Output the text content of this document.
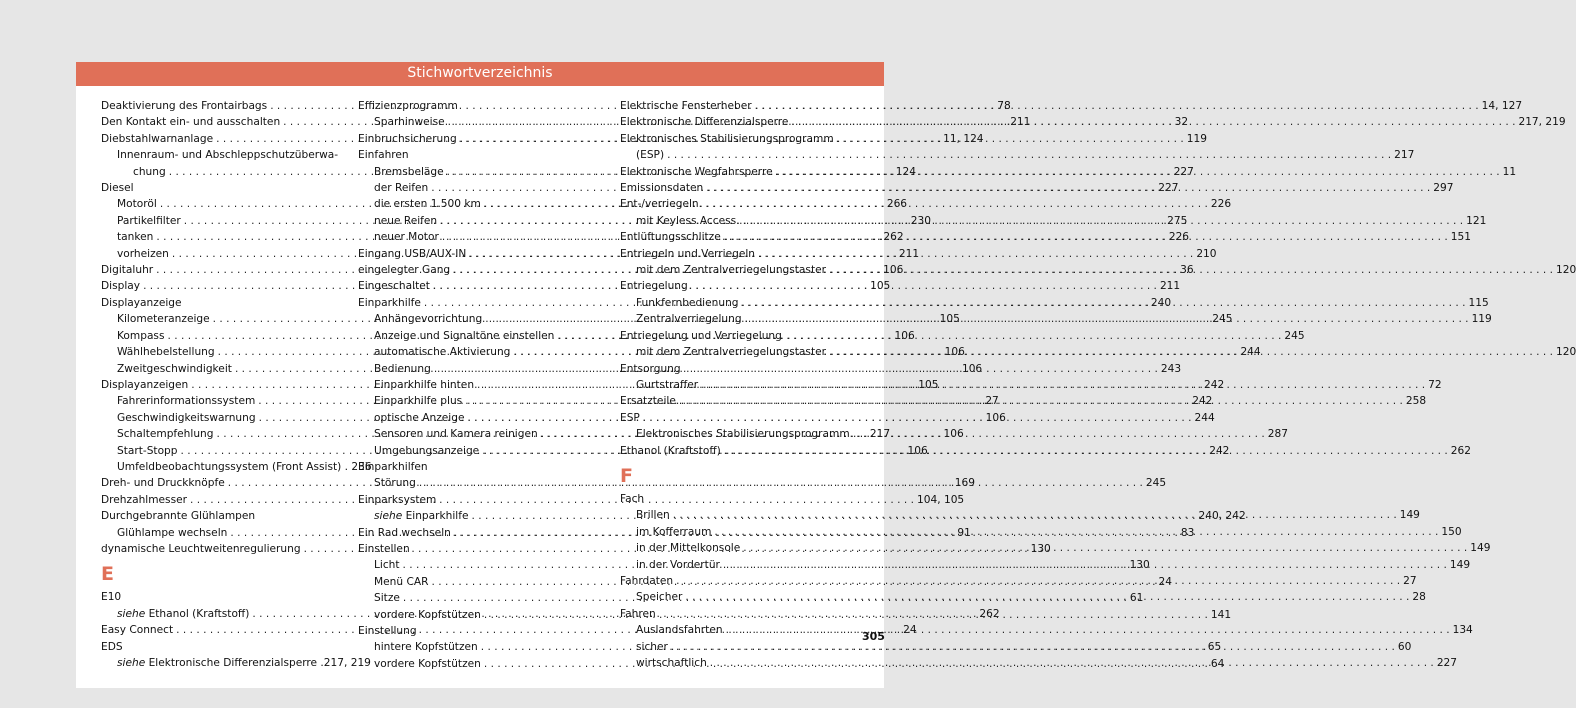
Stichwortverzeichnis
Deaktivierung des Frontairbags . . .	78
Den Kontakt ein- und ausschalten . . .	211
Diebstahlwarnanlage . . .	11, 124
Innenraum- und Abschleppschutzüberwa-
chung . . .	124
Diesel
Motoröl . . .	266
Partikelfilter . . .	230
tanken . . .	262
vorheizen . . .	211
Digitaluhr . . .	106
Display . . .	105
Displayanzeige
Kilometeranzeige . . .	105
Kompass . . .	106
Wählhebelstellung . . .	106
Zweitgeschwindigkeit . . .	106
Displayanzeigen . . .	105
Fahrerinformationssystem . . .	27
Geschwindigkeitswarnung . . .	106
Schaltempfehlung . . .	106
Start-Stopp . . .	106
Umfeldbeobachtungssystem (Front Assist) . 236
Dreh- und Druckknöpfe . . .	169
Drehzahlmesser . . .	104, 105
Durchgebrannte Glühlampen
Glühlampe wechseln . . .	91
dynamische Leuchtweitenregulierung . . .	130
E
E10
siehe Ethanol (Kraftstoff) . . .	262
Easy Connect . . .	24
EDS
siehe Elektronische Differenzialsperre . 217, 219
Effizienzprogramm
Sparhinweise . . .	32
Einbruchsicherung . . .	119
Einfahren
Bremsbeläge . . .	227
der Reifen . . .	227
die ersten 1.500 km . . .	226
neue Reifen . . .	275
neuer Motor . . .	226
Eingang USB/AUX-IN . . .	210
eingelegter Gang . . .	36
Eingeschaltet . . .	211
Einparkhilfe . . .	240
Anhängevorrichtung . . .	245
Anzeige und Signaltöne einstellen . . .	245
automatische Aktivierung . . .	244
Bedienung . . .	243
Einparkhilfe hinten . . .	242
Einparkhilfe plus . . .	242
optische Anzeige . . .	244
Sensoren und Kamera reinigen . . .	287
Umgebungsanzeige . . .	242
Einparkhilfen
Störung . . .	245
Einparksystem
siehe Einparkhilfe . . .	240, 242
Ein Rad wechseln . . .	83
Einstellen
Licht . . .	130
Menü CAR . . .	24
Sitze . . .	61
vordere Kopfstützen . . .	141
Einstellung
hintere Kopfstützen . . .	65
vordere Kopfstützen . . .	64
Elektrische Fensterheber . . .	14, 127
Elektronische Differenzialsperre . . .	217, 219
Elektronisches Stabilisierungsprogramm
(ESP) . . .	217
Elektronische Wegfahrsperre . . .	11
Emissionsdaten . . .	297
Ent-/verriegeln
mit Keyless Access . . .	121
Entlüftungsschlitze . . .	151
Entriegeln und Verriegeln
mit dem Zentralverriegelungstaster . . .	120
Entriegelung
Funkfernbedienung . . .	115
Zentralverriegelung . . .	119
Entriegelung und Verriegelung
mit dem Zentralverriegelungstaster . . .	120
Entsorgung
Gurtstraffer . . .	72
Ersatzteile . . .	258
ESP
Elektronisches Stabilisierungsprogramm . . . 217
Ethanol (Kraftstoff) . . .	262
F
Fach
Brillen . . .	149
im Kofferraum . . .	150
in der Mittelkonsole . . .	149
in der Vordertür . . .	149
Fahrdaten . . .	27
Speicher . . .	28
Fahren
Auslandsfahrten . . .	134
sicher . . .	60
wirtschaftlich . . .	227
305
